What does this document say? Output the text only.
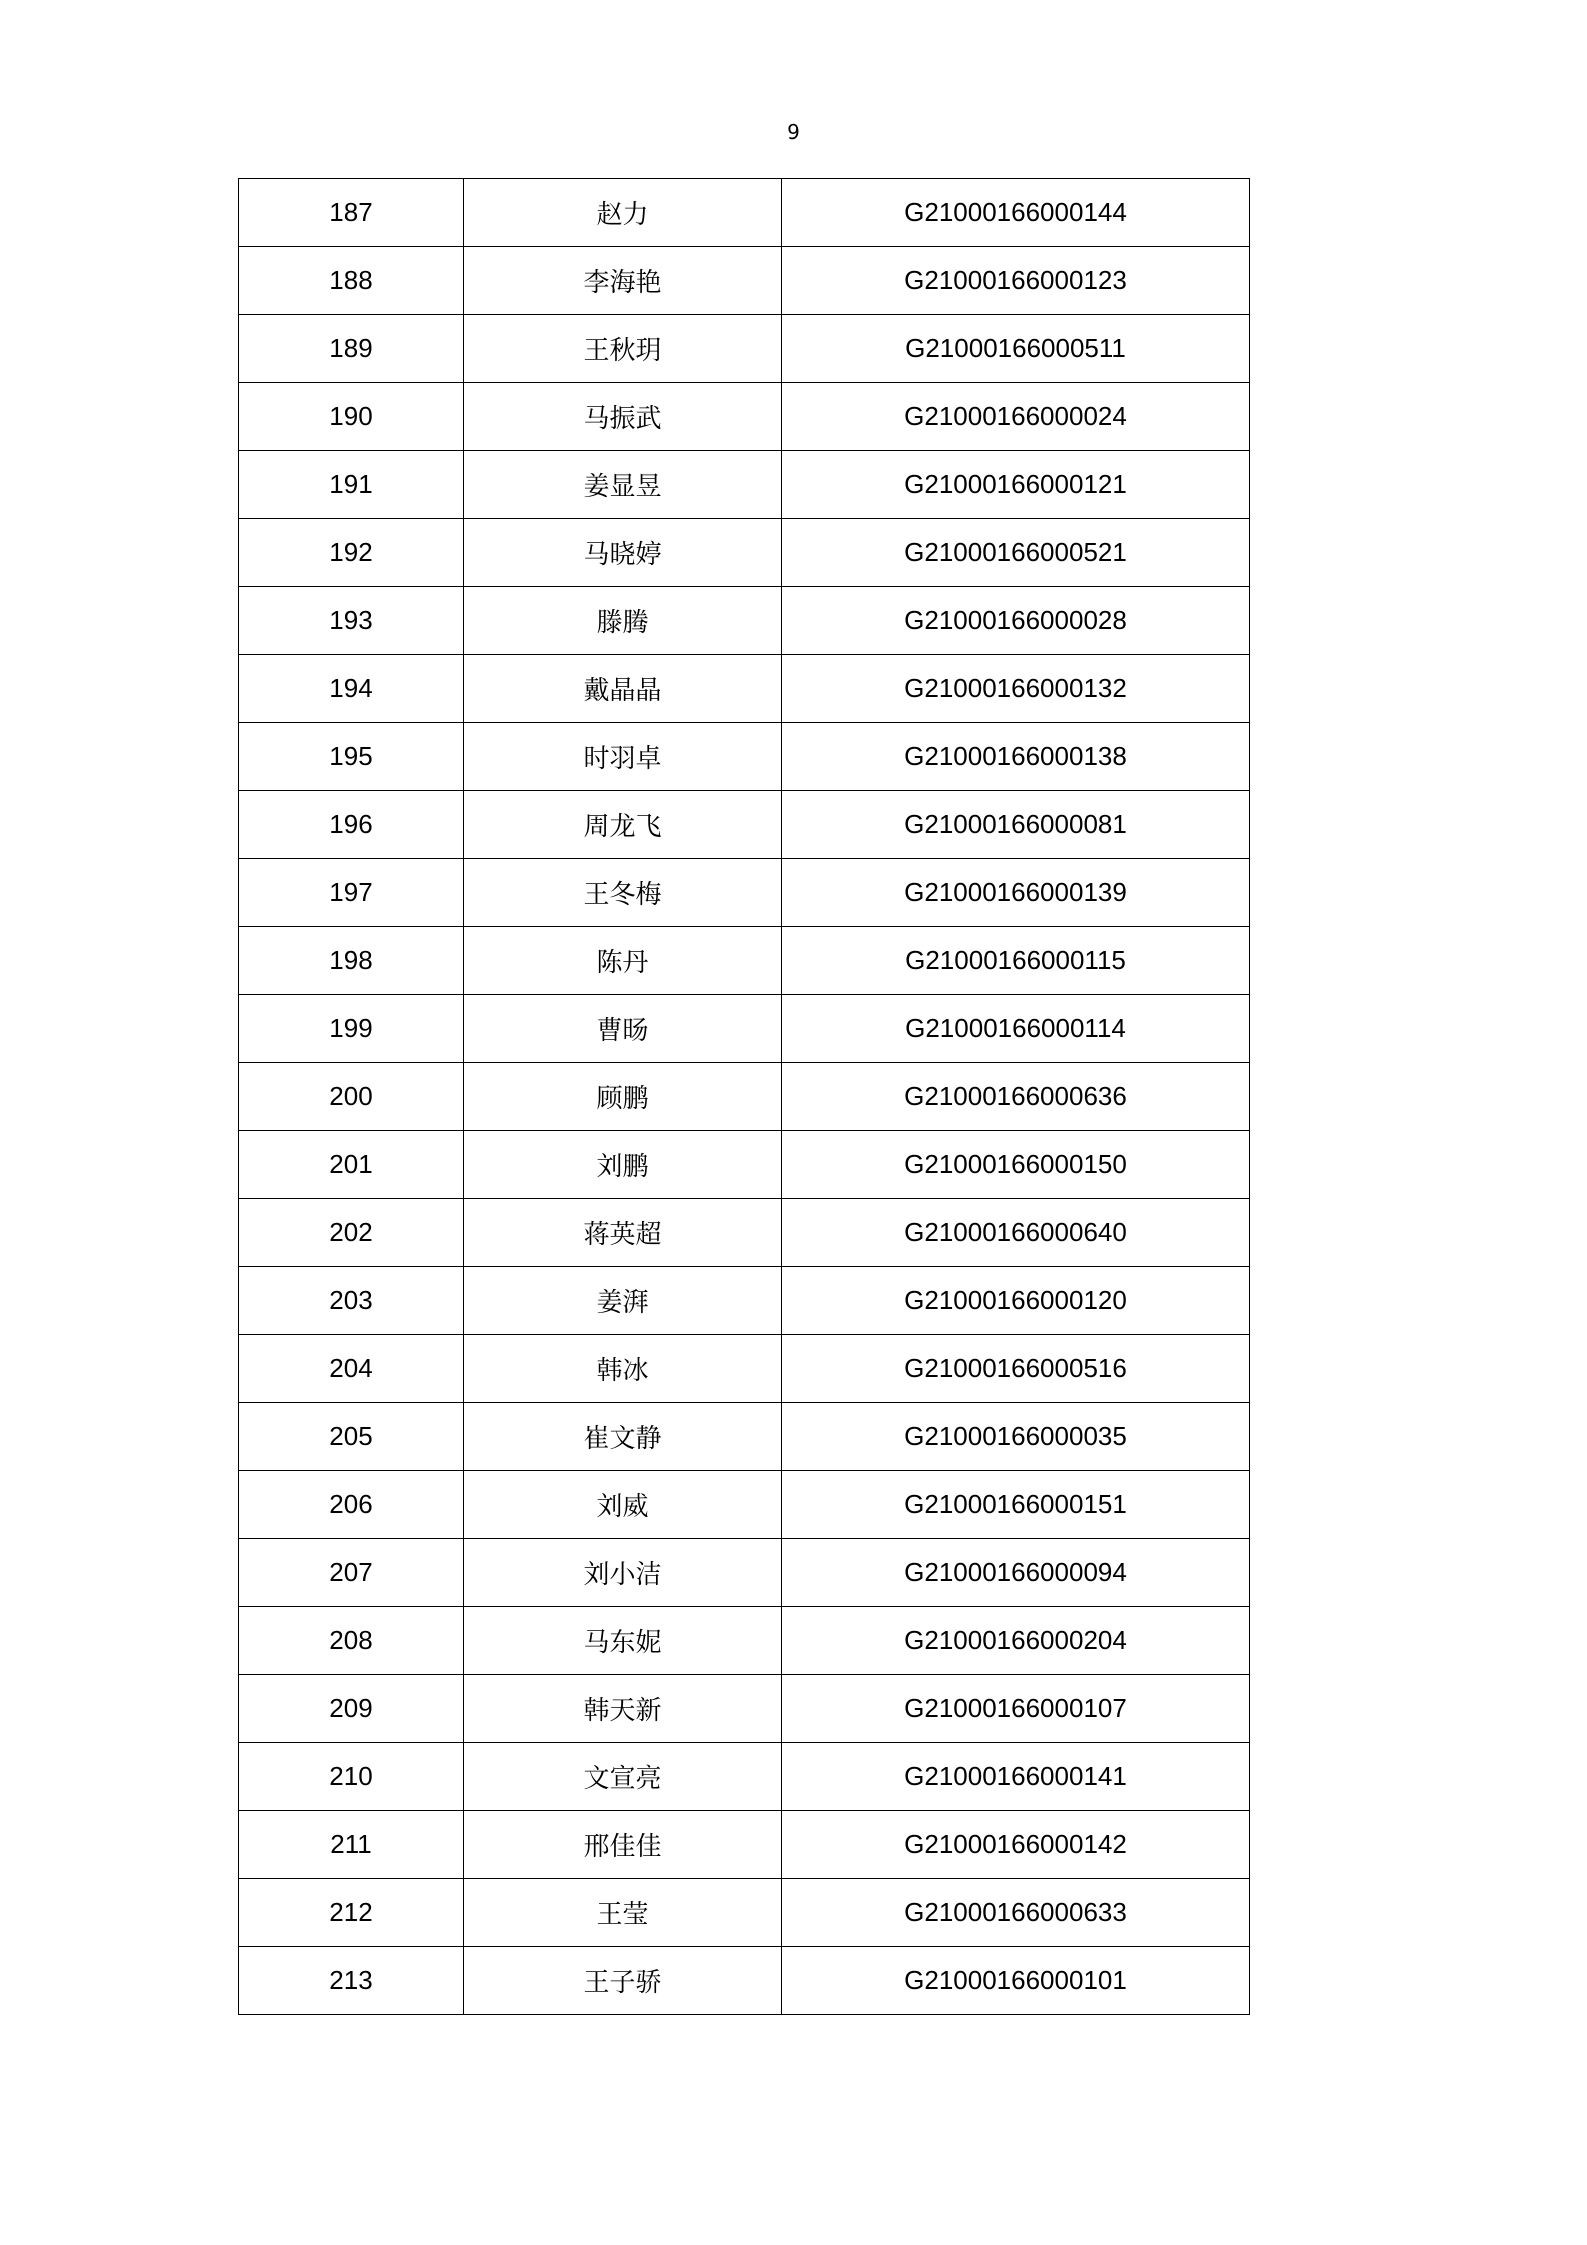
9
187	赵力	G21000166000144
188	李海艳	G21000166000123
189	王秋玥	G21000166000511
190	马振武	G21000166000024
191	姜显昱	G21000166000121
192	马晓婷	G21000166000521
193	滕腾	G21000166000028
194	戴晶晶	G21000166000132
195	时羽卓	G21000166000138
196	周龙飞	G21000166000081
197	王冬梅	G21000166000139
198	陈丹	G21000166000115
199	曹旸	G21000166000114
200	顾鹏	G21000166000636
201	刘鹏	G21000166000150
202	蒋英超	G21000166000640
203	姜湃	G21000166000120
204	韩冰	G21000166000516
205	崔文静	G21000166000035
206	刘威	G21000166000151
207	刘小洁	G21000166000094
208	马东妮	G21000166000204
209	韩天新	G21000166000107
210	文宣亮	G21000166000141
211	邢佳佳	G21000166000142
212	王莹	G21000166000633
213	王子骄	G21000166000101
